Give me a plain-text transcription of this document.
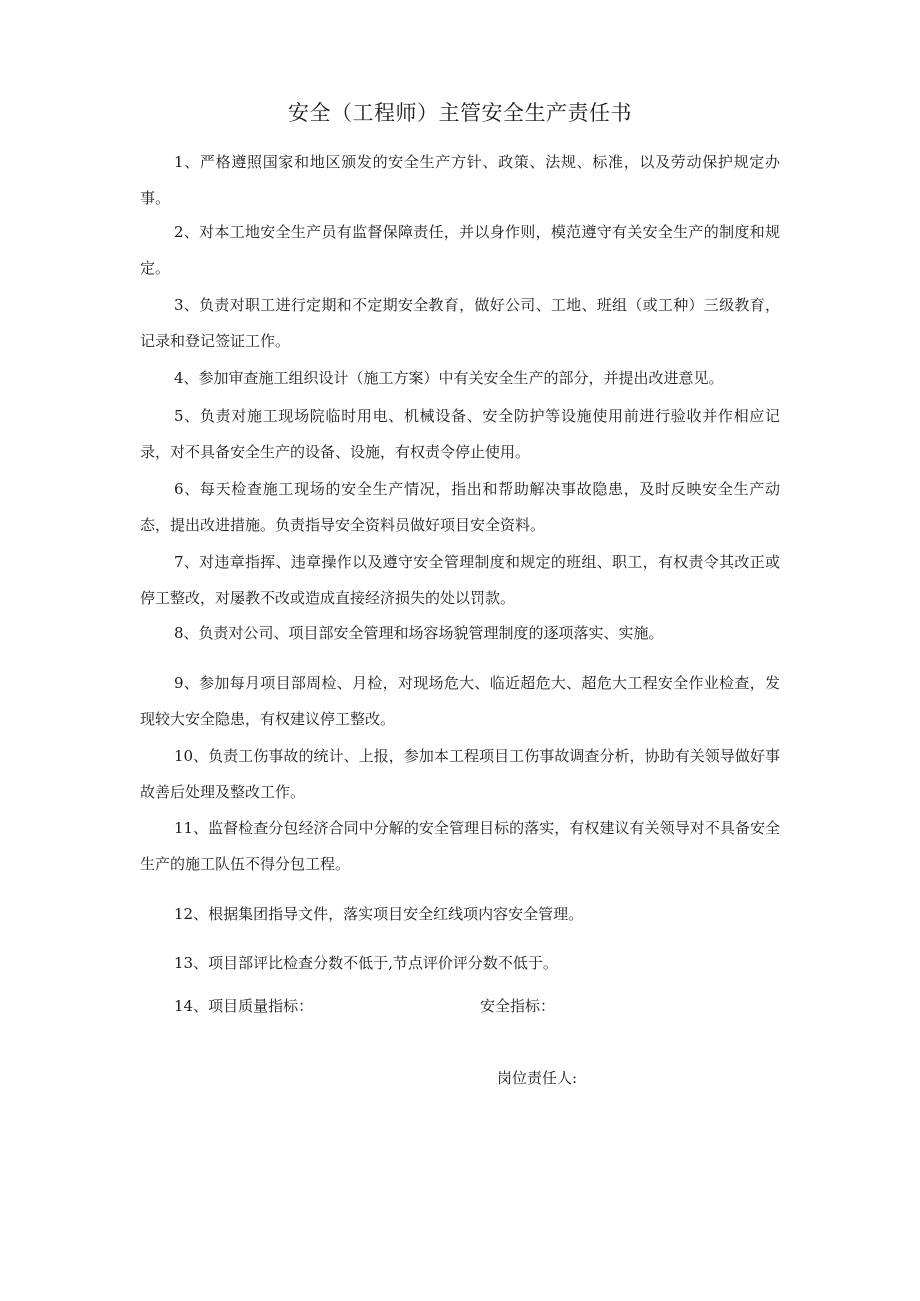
安全（工程师）主管安全生产责任书
1、严格遵照国家和地区颁发的安全生产方针、政策、法规、标准，以及劳动保护规定办事。
2、对本工地安全生产员有监督保障责任，并以身作则，模范遵守有关安全生产的制度和规定。
3、负责对职工进行定期和不定期安全教育，做好公司、工地、班组（或工种）三级教育，记录和登记签证工作。
4、参加审查施工组织设计（施工方案）中有关安全生产的部分，并提出改进意见。
5、负责对施工现场院临时用电、机械设备、安全防护等设施使用前进行验收并作相应记录，对不具备安全生产的设备、设施，有权责令停止使用。
6、每天检查施工现场的安全生产情况，指出和帮助解决事故隐患，及时反映安全生产动态，提出改进措施。负责指导安全资料员做好项目安全资料。
7、对违章指挥、违章操作以及遵守安全管理制度和规定的班组、职工，有权责令其改正或停工整改，对屡教不改或造成直接经济损失的处以罚款。
8、负责对公司、项目部安全管理和场容场貌管理制度的逐项落实、实施。
9、参加每月项目部周检、月检，对现场危大、临近超危大、超危大工程安全作业检查，发现较大安全隐患，有权建议停工整改。
10、负责工伤事故的统计、上报，参加本工程项目工伤事故调查分析，协助有关领导做好事故善后处理及整改工作。
11、监督检查分包经济合同中分解的安全管理目标的落实，有权建议有关领导对不具备安全生产的施工队伍不得分包工程。
12、根据集团指导文件，落实项目安全红线项内容安全管理。
13、项目部评比检查分数不低于,节点评价评分数不低于。
14、项目质量指标：	安全指标：
岗位责任人:
